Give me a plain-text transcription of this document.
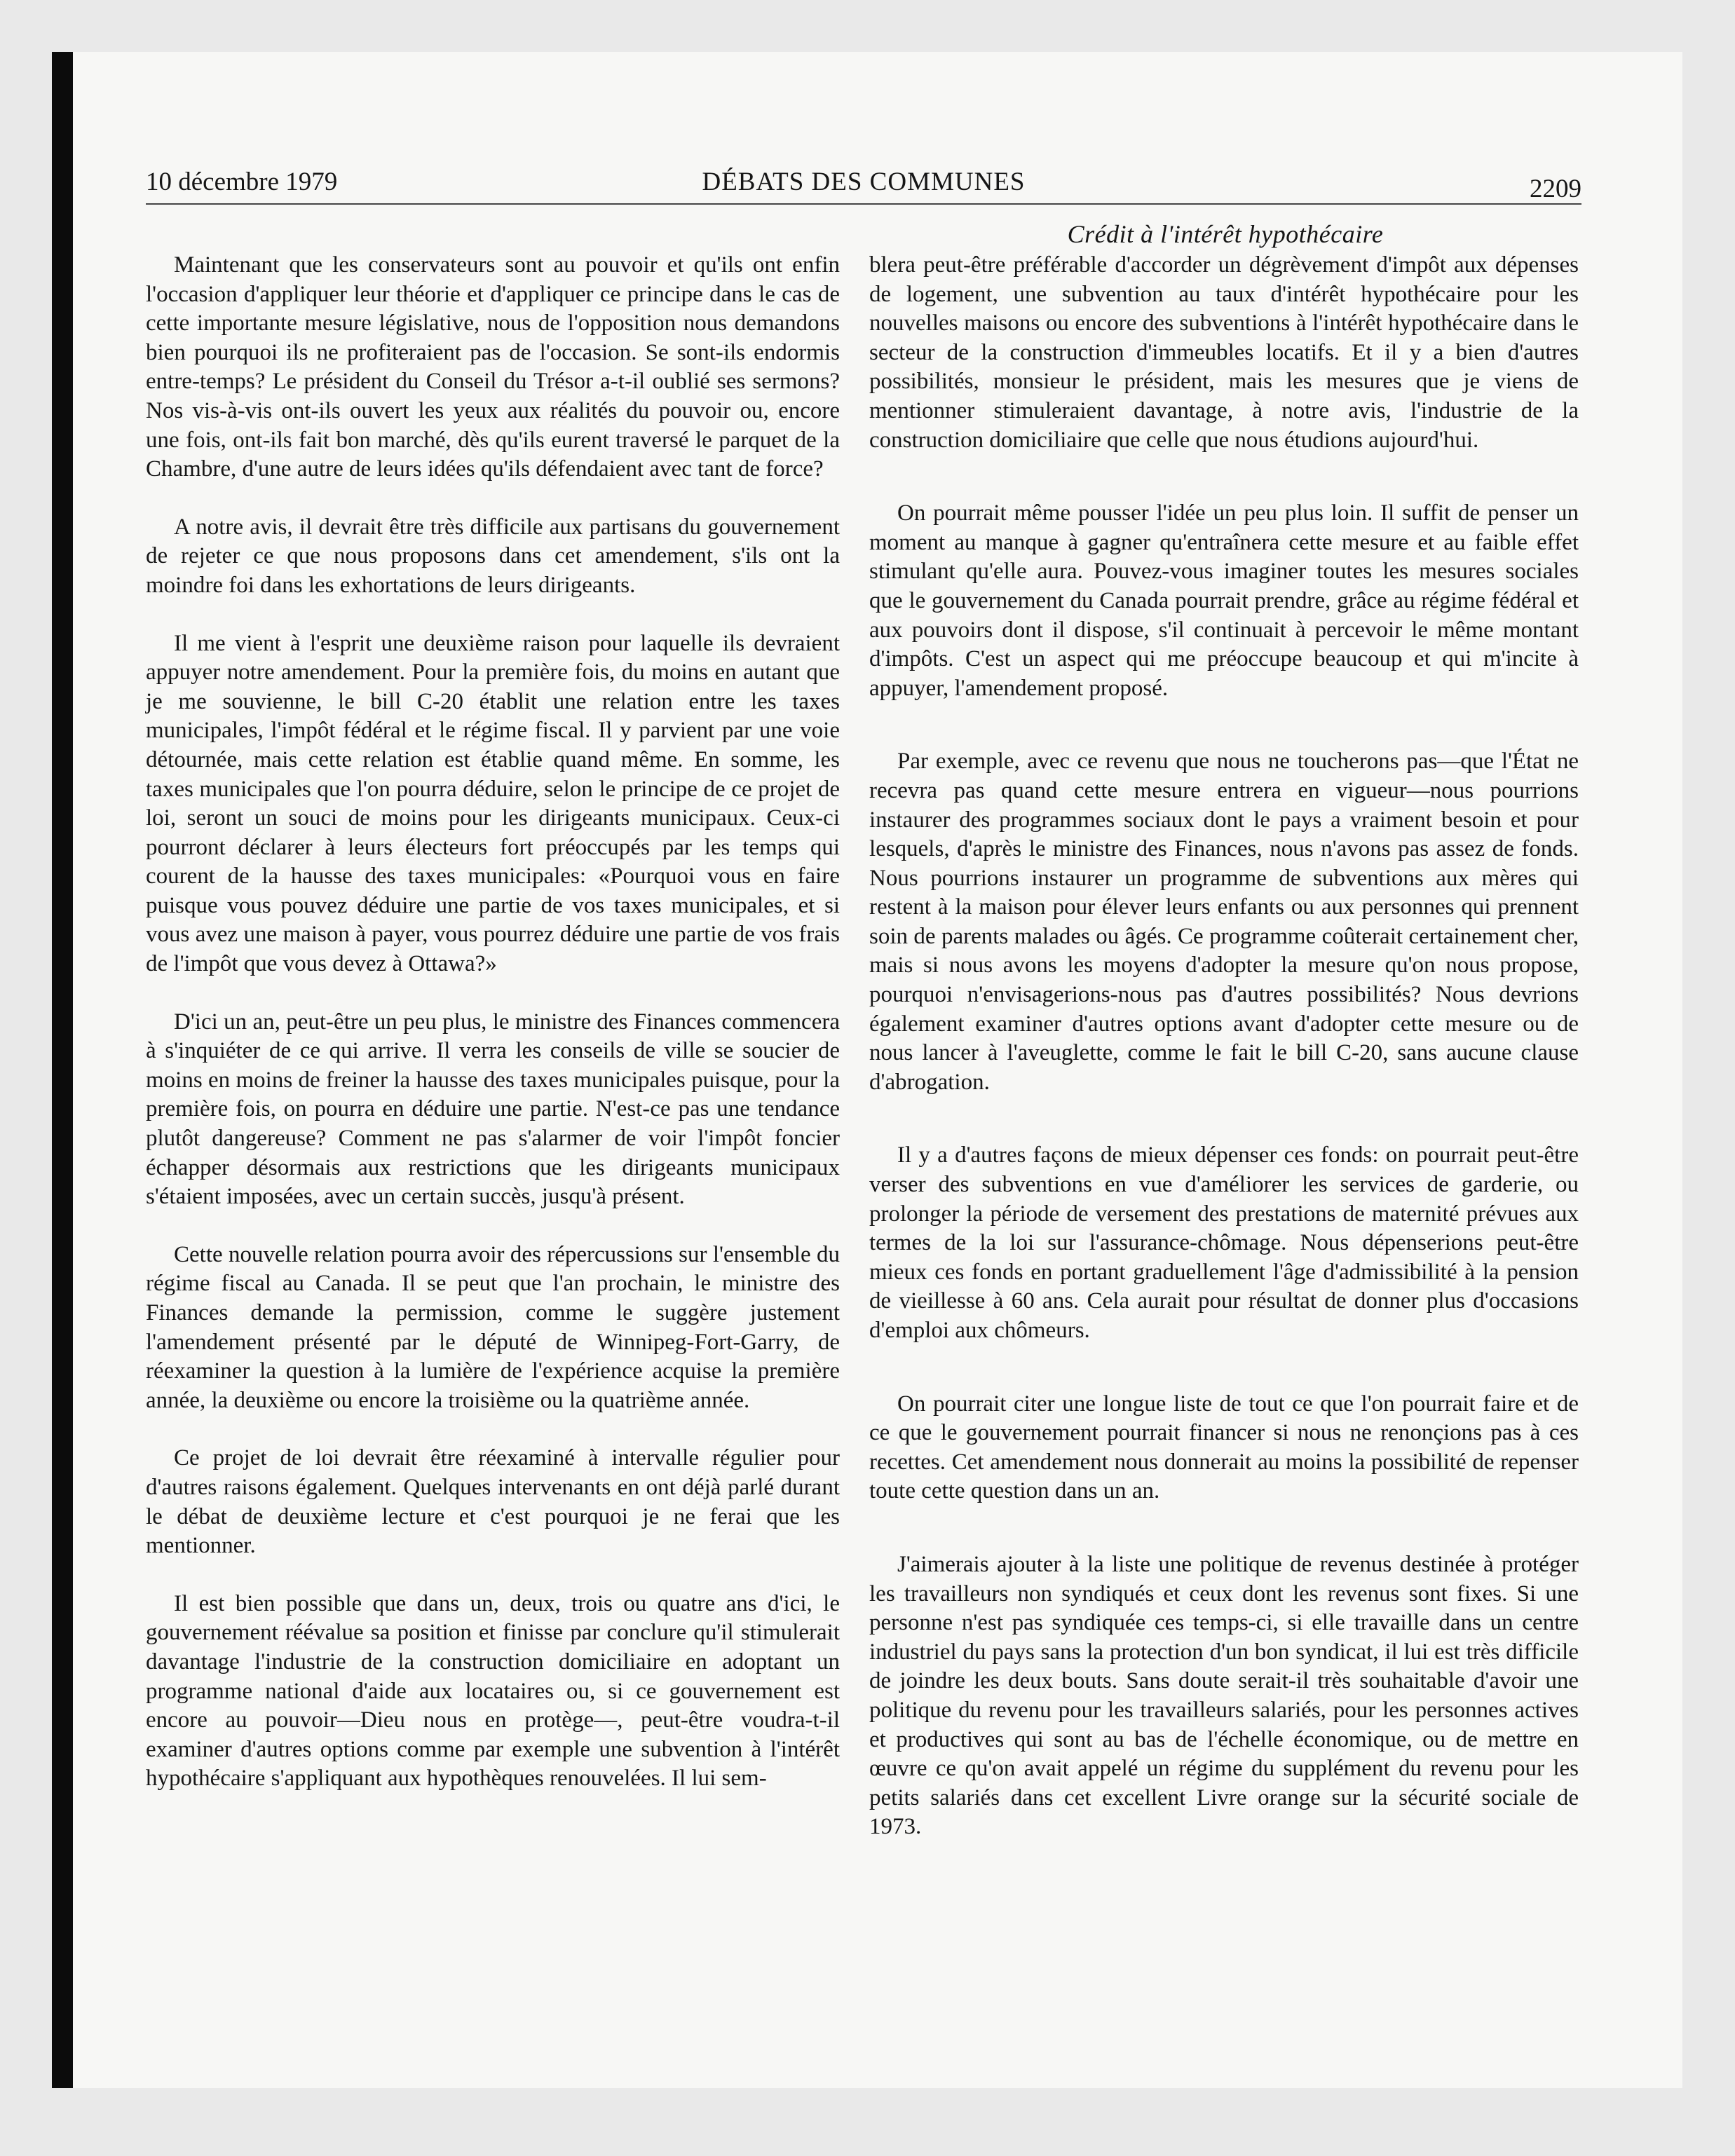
10 décembre 1979	DÉBATS DES COMMUNES	2209
Crédit à l'intérêt hypothécaire

Maintenant que les conservateurs sont au pouvoir et qu'ils ont enfin l'occasion d'appliquer leur théorie et d'appliquer ce principe dans le cas de cette importante mesure législative, nous de l'opposition nous demandons bien pourquoi ils ne profiteraient pas de l'occasion. Se sont-ils endormis entre-temps? Le président du Conseil du Trésor a-t-il oublié ses sermons? Nos vis-à-vis ont-ils ouvert les yeux aux réalités du pouvoir ou, encore une fois, ont-ils fait bon marché, dès qu'ils eurent traversé le parquet de la Chambre, d'une autre de leurs idées qu'ils défendaient avec tant de force?

A notre avis, il devrait être très difficile aux partisans du gouvernement de rejeter ce que nous proposons dans cet amendement, s'ils ont la moindre foi dans les exhortations de leurs dirigeants.

Il me vient à l'esprit une deuxième raison pour laquelle ils devraient appuyer notre amendement. Pour la première fois, du moins en autant que je me souvienne, le bill C-20 établit une relation entre les taxes municipales, l'impôt fédéral et le régime fiscal. Il y parvient par une voie détournée, mais cette relation est établie quand même. En somme, les taxes municipales que l'on pourra déduire, selon le principe de ce projet de loi, seront un souci de moins pour les dirigeants municipaux. Ceux-ci pourront déclarer à leurs électeurs fort préoccupés par les temps qui courent de la hausse des taxes municipales: «Pourquoi vous en faire puisque vous pouvez déduire une partie de vos taxes municipales, et si vous avez une maison à payer, vous pourrez déduire une partie de vos frais de l'impôt que vous devez à Ottawa?»

D'ici un an, peut-être un peu plus, le ministre des Finances commencera à s'inquiéter de ce qui arrive. Il verra les conseils de ville se soucier de moins en moins de freiner la hausse des taxes municipales puisque, pour la première fois, on pourra en déduire une partie. N'est-ce pas une tendance plutôt dangereuse? Comment ne pas s'alarmer de voir l'impôt foncier échapper désormais aux restrictions que les dirigeants municipaux s'étaient imposées, avec un certain succès, jusqu'à présent.

Cette nouvelle relation pourra avoir des répercussions sur l'ensemble du régime fiscal au Canada. Il se peut que l'an prochain, le ministre des Finances demande la permission, comme le suggère justement l'amendement présenté par le député de Winnipeg-Fort-Garry, de réexaminer la question à la lumière de l'expérience acquise la première année, la deuxième ou encore la troisième ou la quatrième année.

Ce projet de loi devrait être réexaminé à intervalle régulier pour d'autres raisons également. Quelques intervenants en ont déjà parlé durant le débat de deuxième lecture et c'est pourquoi je ne ferai que les mentionner.

Il est bien possible que dans un, deux, trois ou quatre ans d'ici, le gouvernement réévalue sa position et finisse par conclure qu'il stimulerait davantage l'industrie de la construction domiciliaire en adoptant un programme national d'aide aux locataires ou, si ce gouvernement est encore au pouvoir—Dieu nous en protège—, peut-être voudra-t-il examiner d'autres options comme par exemple une subvention à l'intérêt hypothécaire s'appliquant aux hypothèques renouvelées. Il lui sem-

blera peut-être préférable d'accorder un dégrèvement d'impôt aux dépenses de logement, une subvention au taux d'intérêt hypothécaire pour les nouvelles maisons ou encore des subventions à l'intérêt hypothécaire dans le secteur de la construction d'immeubles locatifs. Et il y a bien d'autres possibilités, monsieur le président, mais les mesures que je viens de mentionner stimuleraient davantage, à notre avis, l'industrie de la construction domiciliaire que celle que nous étudions aujourd'hui.

On pourrait même pousser l'idée un peu plus loin. Il suffit de penser un moment au manque à gagner qu'entraînera cette mesure et au faible effet stimulant qu'elle aura. Pouvez-vous imaginer toutes les mesures sociales que le gouvernement du Canada pourrait prendre, grâce au régime fédéral et aux pouvoirs dont il dispose, s'il continuait à percevoir le même montant d'impôts. C'est un aspect qui me préoccupe beaucoup et qui m'incite à appuyer, l'amendement proposé.

Par exemple, avec ce revenu que nous ne toucherons pas—que l'État ne recevra pas quand cette mesure entrera en vigueur—nous pourrions instaurer des programmes sociaux dont le pays a vraiment besoin et pour lesquels, d'après le ministre des Finances, nous n'avons pas assez de fonds. Nous pourrions instaurer un programme de subventions aux mères qui restent à la maison pour élever leurs enfants ou aux personnes qui prennent soin de parents malades ou âgés. Ce programme coûterait certainement cher, mais si nous avons les moyens d'adopter la mesure qu'on nous propose, pourquoi n'envisagerions-nous pas d'autres possibilités? Nous devrions également examiner d'autres options avant d'adopter cette mesure ou de nous lancer à l'aveuglette, comme le fait le bill C-20, sans aucune clause d'abrogation.

Il y a d'autres façons de mieux dépenser ces fonds: on pourrait peut-être verser des subventions en vue d'améliorer les services de garderie, ou prolonger la période de versement des prestations de maternité prévues aux termes de la loi sur l'assurance-chômage. Nous dépenserions peut-être mieux ces fonds en portant graduellement l'âge d'admissibilité à la pension de vieillesse à 60 ans. Cela aurait pour résultat de donner plus d'occasions d'emploi aux chômeurs.

On pourrait citer une longue liste de tout ce que l'on pourrait faire et de ce que le gouvernement pourrait financer si nous ne renonçions pas à ces recettes. Cet amendement nous donnerait au moins la possibilité de repenser toute cette question dans un an.

J'aimerais ajouter à la liste une politique de revenus destinée à protéger les travailleurs non syndiqués et ceux dont les revenus sont fixes. Si une personne n'est pas syndiquée ces temps-ci, si elle travaille dans un centre industriel du pays sans la protection d'un bon syndicat, il lui est très difficile de joindre les deux bouts. Sans doute serait-il très souhaitable d'avoir une politique du revenu pour les travailleurs salariés, pour les personnes actives et productives qui sont au bas de l'échelle économique, ou de mettre en œuvre ce qu'on avait appelé un régime du supplément du revenu pour les petits salariés dans cet excellent Livre orange sur la sécurité sociale de 1973.
